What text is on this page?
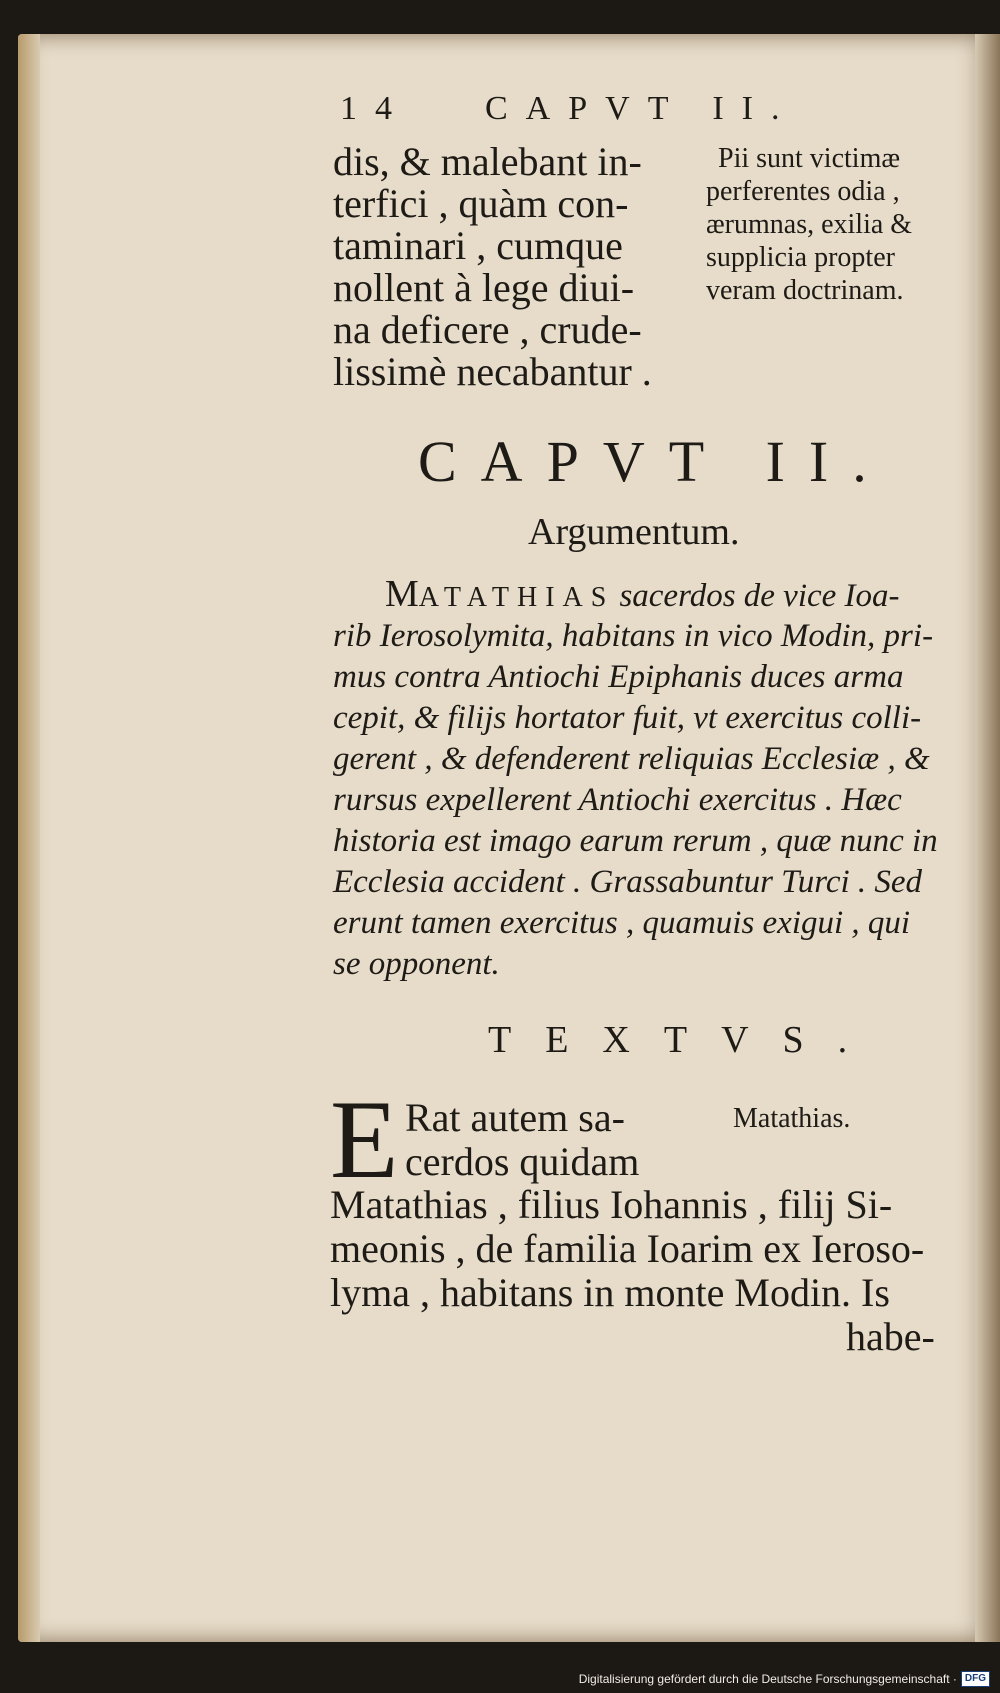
14 CAPVT II.
dis, & malebant in-
terfici , quàm con-
taminari , cumque
nollent à lege diui-
na deficere , crude-
lissimè necabantur .
Pii sunt victimæ
perferentes odia ,
ærumnas, exilia &
supplicia propter
veram doctrinam.
CAPVT II.
Argumentum.
MATATHIAS sacerdos de vice Ioa-
rib Ierosolymita, habitans in vico Modin, pri-
mus contra Antiochi Epiphanis duces arma
cepit, & filijs hortator fuit, vt exercitus colli-
gerent , & defenderent reliquias Ecclesiæ , &
rursus expellerent Antiochi exercitus . Hæc
historia est imago earum rerum , quæ nunc in
Ecclesia accident . Grassabuntur Turci . Sed
erunt tamen exercitus , quamuis exigui , qui
se opponent.
TEXTVS.
E Rat autem sa-
cerdos quidam
Matathias.
Matathias , filius Iohannis , filij Si-
meonis , de familia Ioarim ex Ieroso-
lyma , habitans in monte Modin. Is
habe-
Digitalisierung gefördert durch die Deutsche Forschungsgemeinschaft · DFG
